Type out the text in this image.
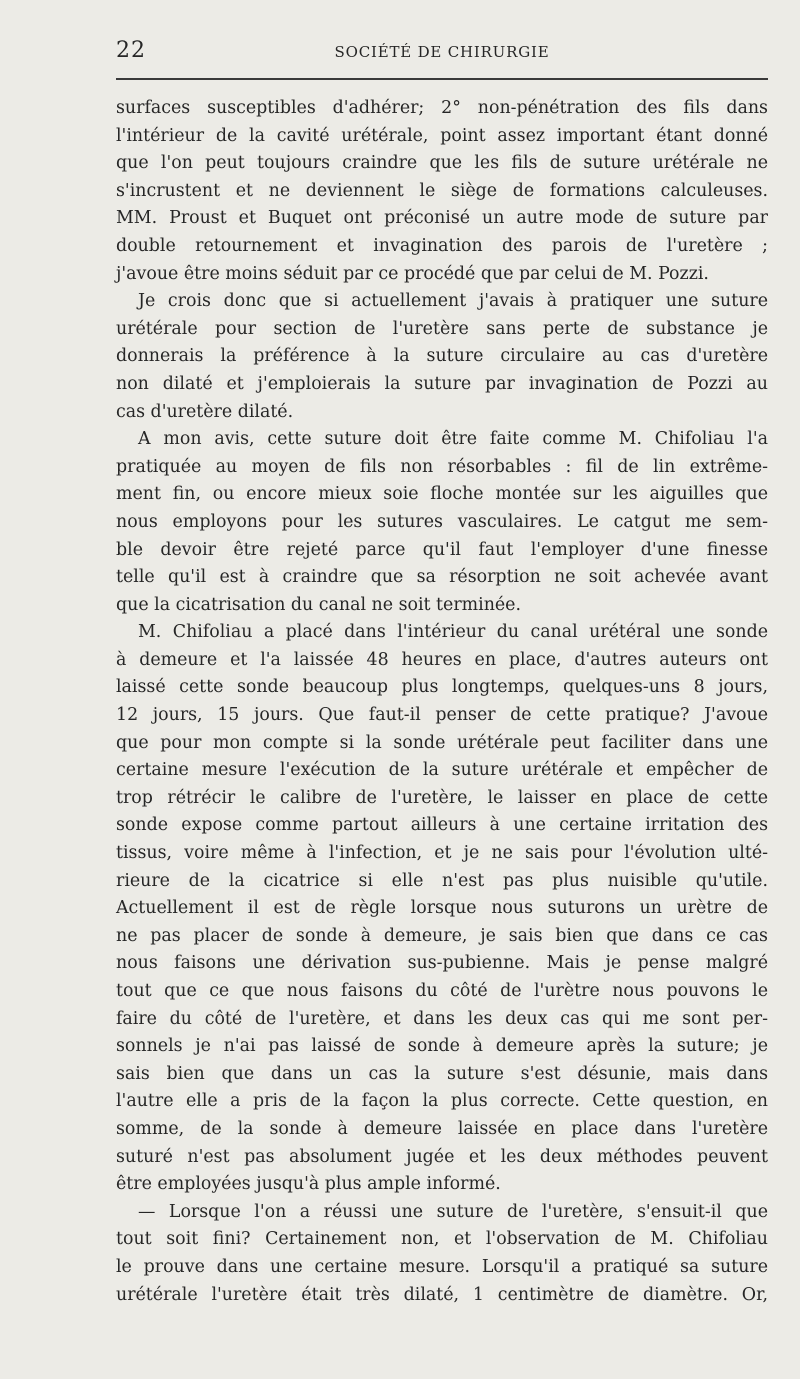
22	SOCIÉTÉ DE CHIRURGIE
surfaces susceptibles d'adhérer; 2° non-pénétration des fils dans
l'intérieur de la cavité urétérale, point assez important étant donné
que l'on peut toujours craindre que les fils de suture urétérale ne
s'incrustent et ne deviennent le siège de formations calculeuses.
MM. Proust et Buquet ont préconisé un autre mode de suture par
double retournement et invagination des parois de l'uretère ;
j'avoue être moins séduit par ce procédé que par celui de M. Pozzi.
Je crois donc que si actuellement j'avais à pratiquer une suture
urétérale pour section de l'uretère sans perte de substance je
donnerais la préférence à la suture circulaire au cas d'uretère
non dilaté et j'emploierais la suture par invagination de Pozzi au
cas d'uretère dilaté.
A mon avis, cette suture doit être faite comme M. Chifoliau l'a
pratiquée au moyen de fils non résorbables : fil de lin extrême-
ment fin, ou encore mieux soie floche montée sur les aiguilles que
nous employons pour les sutures vasculaires. Le catgut me sem-
ble devoir être rejeté parce qu'il faut l'employer d'une finesse
telle qu'il est à craindre que sa résorption ne soit achevée avant
que la cicatrisation du canal ne soit terminée.
M. Chifoliau a placé dans l'intérieur du canal urétéral une sonde
à demeure et l'a laissée 48 heures en place, d'autres auteurs ont
laissé cette sonde beaucoup plus longtemps, quelques-uns 8 jours,
12 jours, 15 jours. Que faut-il penser de cette pratique? J'avoue
que pour mon compte si la sonde urétérale peut faciliter dans une
certaine mesure l'exécution de la suture urétérale et empêcher de
trop rétrécir le calibre de l'uretère, le laisser en place de cette
sonde expose comme partout ailleurs à une certaine irritation des
tissus, voire même à l'infection, et je ne sais pour l'évolution ulté-
rieure de la cicatrice si elle n'est pas plus nuisible qu'utile.
Actuellement il est de règle lorsque nous suturons un urètre de
ne pas placer de sonde à demeure, je sais bien que dans ce cas
nous faisons une dérivation sus-pubienne. Mais je pense malgré
tout que ce que nous faisons du côté de l'urètre nous pouvons le
faire du côté de l'uretère, et dans les deux cas qui me sont per-
sonnels je n'ai pas laissé de sonde à demeure après la suture; je
sais bien que dans un cas la suture s'est désunie, mais dans
l'autre elle a pris de la façon la plus correcte. Cette question, en
somme, de la sonde à demeure laissée en place dans l'uretère
suturé n'est pas absolument jugée et les deux méthodes peuvent
être employées jusqu'à plus ample informé.
— Lorsque l'on a réussi une suture de l'uretère, s'ensuit-il que
tout soit fini? Certainement non, et l'observation de M. Chifoliau
le prouve dans une certaine mesure. Lorsqu'il a pratiqué sa suture
urétérale l'uretère était très dilaté, 1 centimètre de diamètre. Or,
